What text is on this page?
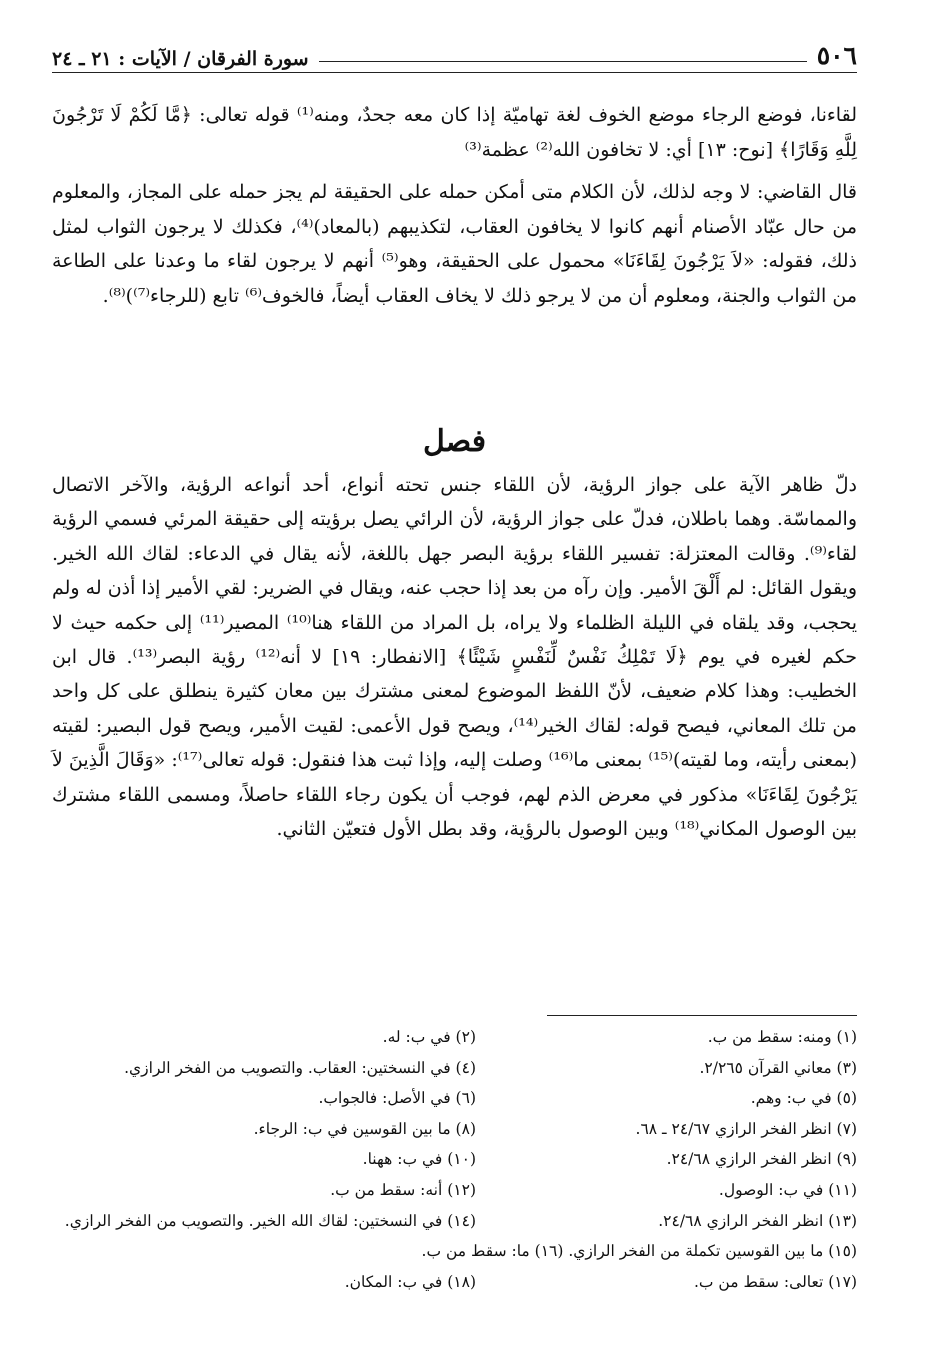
٥٠٦
سورة الفرقان / الآيات : ٢١ ـ ٢٤

لقاءنا، فوضع الرجاء موضع الخوف لغة تهاميّة إذا كان معه جحدٌ، ومنه⁽¹⁾ قوله تعالى: ﴿مَّا لَكُمْ لَا تَرْجُونَ لِلَّهِ وَقَارًا﴾ [نوح: ١٣] أي: لا تخافون الله⁽²⁾ عظمة⁽³⁾

قال القاضي: لا وجه لذلك، لأن الكلام متى أمكن حمله على الحقيقة لم يجز حمله على المجاز، والمعلوم من حال عبّاد الأصنام أنهم كانوا لا يخافون العقاب، لتكذيبهم (بالمعاد)⁽⁴⁾، فكذلك لا يرجون الثواب لمثل ذلك، فقوله: «لاَ يَرْجُونَ لِقَاءَنَا» محمول على الحقيقة، وهو⁽⁵⁾ أنهم لا يرجون لقاء ما وعدنا على الطاعة من الثواب والجنة، ومعلوم أن من لا يرجو ذلك لا يخاف العقاب أيضاً، فالخوف⁽⁶⁾ تابع (للرجاء⁽⁷⁾)⁽⁸⁾.

فصل

دلّ ظاهر الآية على جواز الرؤية، لأن اللقاء جنس تحته أنواع، أحد أنواعه الرؤية، والآخر الاتصال والمماسّة. وهما باطلان، فدلّ على جواز الرؤية، لأن الرائي يصل برؤيته إلى حقيقة المرئي فسمي الرؤية لقاء⁽⁹⁾. وقالت المعتزلة: تفسير اللقاء برؤية البصر جهل باللغة، لأنه يقال في الدعاء: لقاك الله الخير. ويقول القائل: لم أَلْقَ الأمير. وإن رآه من بعد إذا حجب عنه، ويقال في الضرير: لقي الأمير إذا أذن له ولم يحجب، وقد يلقاه في الليلة الظلماء ولا يراه، بل المراد من اللقاء هنا⁽¹⁰⁾ المصير⁽¹¹⁾ إلى حكمه حيث لا حكم لغيره في يوم ﴿لَا تَمْلِكُ نَفْسٌ لِّنَفْسٍ شَيْئًا﴾ [الانفطار: ١٩] لا أنه⁽¹²⁾ رؤية البصر⁽¹³⁾. قال ابن الخطيب: وهذا كلام ضعيف، لأنّ اللفظ الموضوع لمعنى مشترك بين معان كثيرة ينطلق على كل واحد من تلك المعاني، فيصح قوله: لقاك الخير⁽¹⁴⁾، ويصح قول الأعمى: لقيت الأمير، ويصح قول البصير: لقيته (بمعنى رأيته، وما لقيته)⁽¹⁵⁾ بمعنى ما⁽¹⁶⁾ وصلت إليه، وإذا ثبت هذا فنقول: قوله تعالى⁽¹⁷⁾: «وَقَالَ الَّذِينَ لاَ يَرْجُونَ لِقَاءَنَا» مذكور في معرض الذم لهم، فوجب أن يكون رجاء اللقاء حاصلاً، ومسمى اللقاء مشترك بين الوصول المكاني⁽¹⁸⁾ وبين الوصول بالرؤية، وقد بطل الأول فتعيّن الثاني.

(١) ومنه: سقط من ب.
(٢) في ب: له.
(٣) معاني القرآن ٢/٢٦٥.
(٤) في النسختين: العقاب. والتصويب من الفخر الرازي.
(٥) في ب: وهم.
(٦) في الأصل: فالجواب.
(٧) انظر الفخر الرازي ٢٤/٦٧ ـ ٦٨.
(٨) ما بين القوسين في ب: الرجاء.
(٩) انظر الفخر الرازي ٢٤/٦٨.
(١٠) في ب: ههنا.
(١١) في ب: الوصول.
(١٢) أنه: سقط من ب.
(١٣) انظر الفخر الرازي ٢٤/٦٨.
(١٤) في النسختين: لقاك الله الخير. والتصويب من الفخر الرازي.
(١٥) ما بين القوسين تكملة من الفخر الرازي. (١٦) ما: سقط من ب.
(١٧) تعالى: سقط من ب.
(١٨) في ب: المكان.
